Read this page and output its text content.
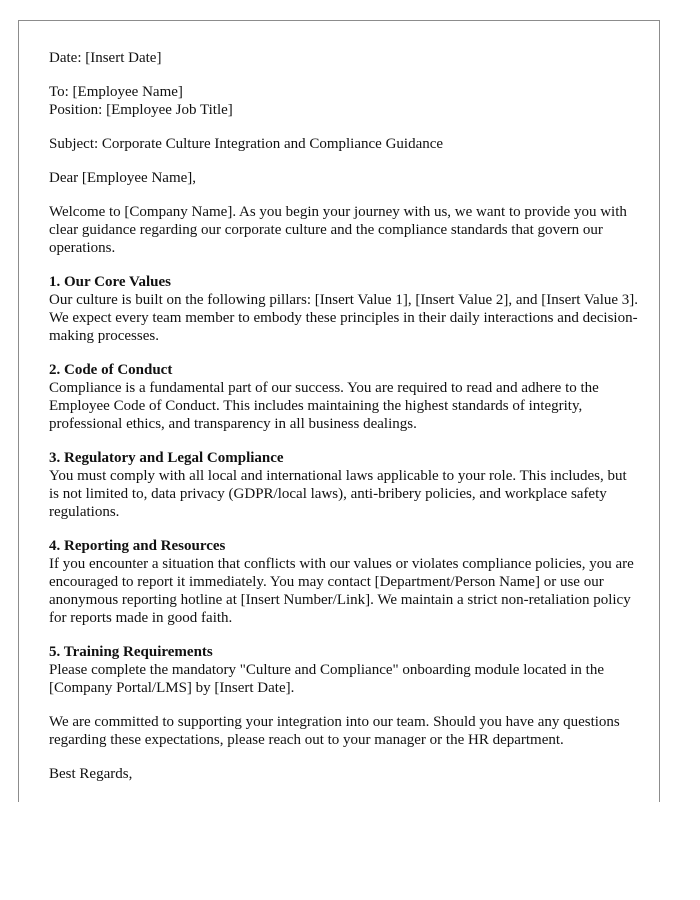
Date: [Insert Date]
To: [Employee Name]
Position: [Employee Job Title]
Subject: Corporate Culture Integration and Compliance Guidance
Dear [Employee Name],
Welcome to [Company Name]. As you begin your journey with us, we want to provide you with clear guidance regarding our corporate culture and the compliance standards that govern our operations.
1. Our Core Values
Our culture is built on the following pillars: [Insert Value 1], [Insert Value 2], and [Insert Value 3]. We expect every team member to embody these principles in their daily interactions and decision-making processes.
2. Code of Conduct
Compliance is a fundamental part of our success. You are required to read and adhere to the Employee Code of Conduct. This includes maintaining the highest standards of integrity, professional ethics, and transparency in all business dealings.
3. Regulatory and Legal Compliance
You must comply with all local and international laws applicable to your role. This includes, but is not limited to, data privacy (GDPR/local laws), anti-bribery policies, and workplace safety regulations.
4. Reporting and Resources
If you encounter a situation that conflicts with our values or violates compliance policies, you are encouraged to report it immediately. You may contact [Department/Person Name] or use our anonymous reporting hotline at [Insert Number/Link]. We maintain a strict non-retaliation policy for reports made in good faith.
5. Training Requirements
Please complete the mandatory "Culture and Compliance" onboarding module located in the [Company Portal/LMS] by [Insert Date].
We are committed to supporting your integration into our team. Should you have any questions regarding these expectations, please reach out to your manager or the HR department.
Best Regards,
